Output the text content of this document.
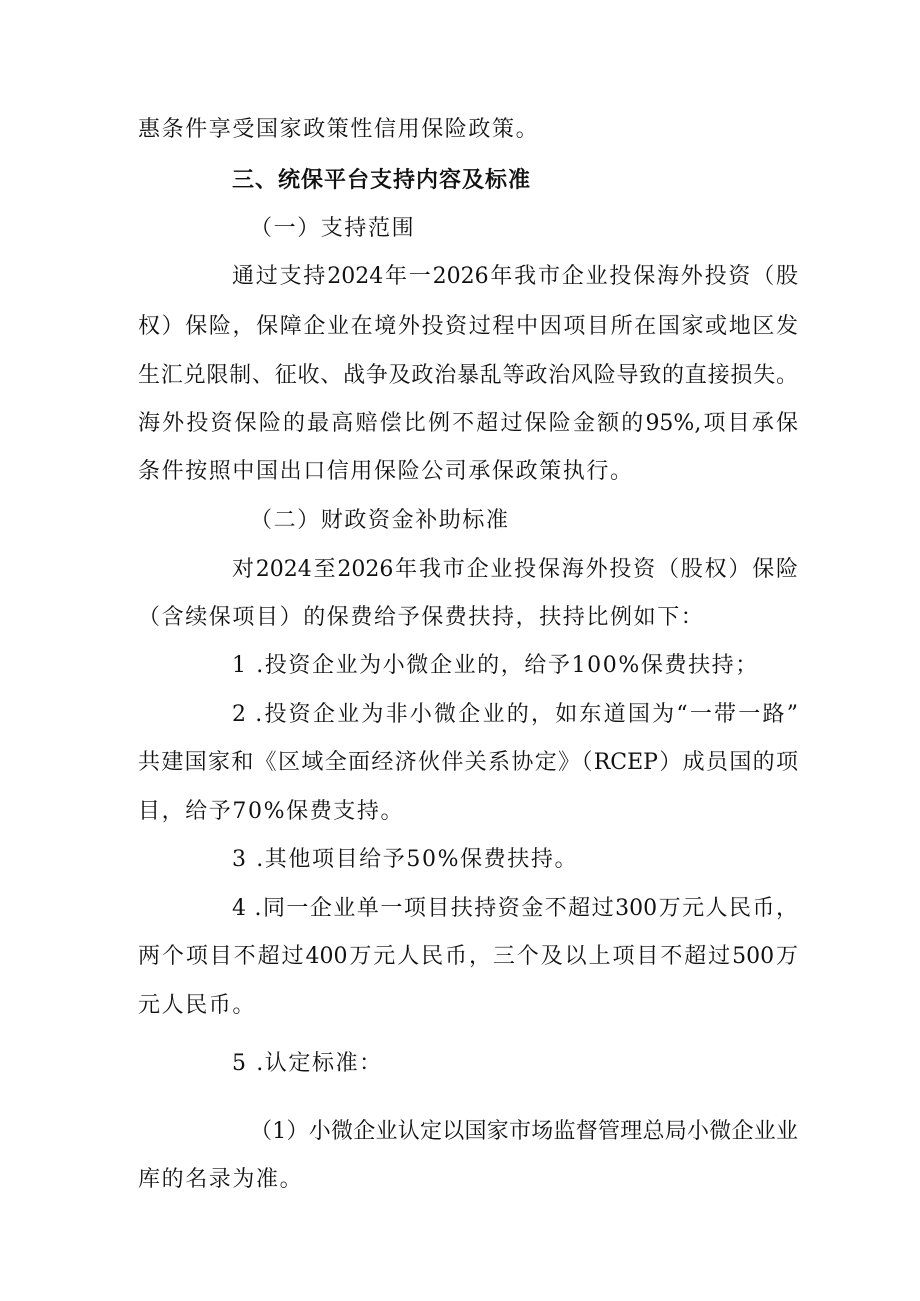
惠条件享受国家政策性信用保险政策。
三、统保平台支持内容及标准
（一）支持范围
通过支持2024年一2026年我市企业投保海外投资（股
权）保险，保障企业在境外投资过程中因项目所在国家或地区发
生汇兑限制、征收、战争及政治暴乱等政治风险导致的直接损失。
海外投资保险的最高赔偿比例不超过保险金额的95%,项目承保
条件按照中国出口信用保险公司承保政策执行。
（二）财政资金补助标准
对2024至2026年我市企业投保海外投资（股权）保险
（含续保项目）的保费给予保费扶持，扶持比例如下：
1 .投资企业为小微企业的，给予100%保费扶持；
2 .投资企业为非小微企业的，如东道国为“一带一路”
共建国家和《区域全面经济伙伴关系协定》（RCEP）成员国的项
目，给予70%保费支持。
3 .其他项目给予50%保费扶持。
4 .同一企业单一项目扶持资金不超过300万元人民币，
两个项目不超过400万元人民币，三个及以上项目不超过500万
元人民币。
5 .认定标准：
（1）小微企业认定以国家市场监督管理总局小微企业业
库的名录为准。
